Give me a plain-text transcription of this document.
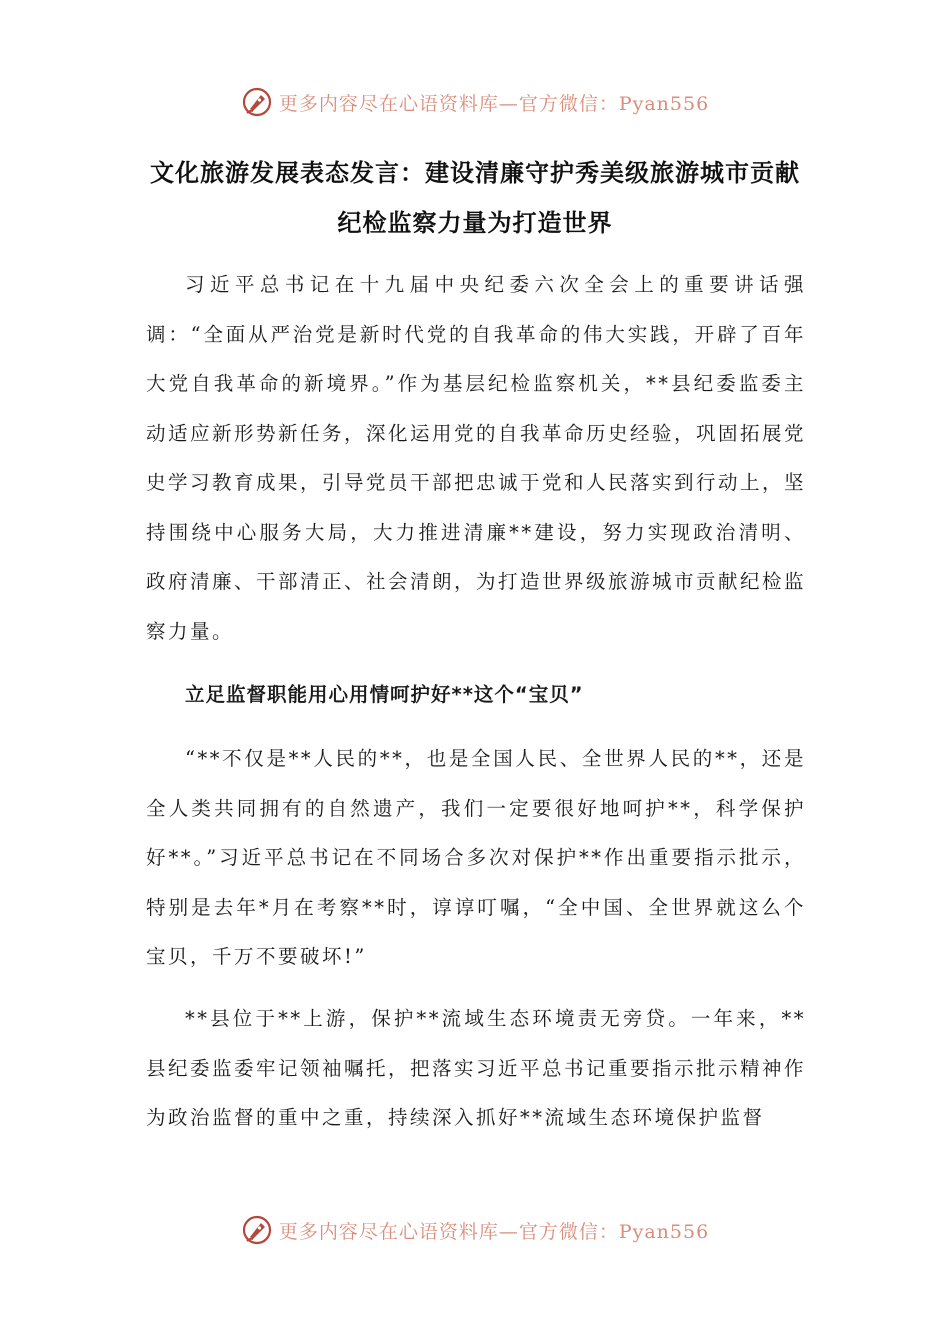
更多内容尽在心语资料库—官方微信：Pyan556
文化旅游发展表态发言：建设清廉守护秀美级旅游城市贡献纪检监察力量为打造世界
习近平总书记在十九届中央纪委六次全会上的重要讲话强调：“全面从严治党是新时代党的自我革命的伟大实践，开辟了百年大党自我革命的新境界。”作为基层纪检监察机关，**县纪委监委主动适应新形势新任务，深化运用党的自我革命历史经验，巩固拓展党史学习教育成果，引导党员干部把忠诚于党和人民落实到行动上，坚持围绕中心服务大局，大力推进清廉**建设，努力实现政治清明、政府清廉、干部清正、社会清朗，为打造世界级旅游城市贡献纪检监察力量。
立足监督职能用心用情呵护好**这个“宝贝”
“**不仅是**人民的**，也是全国人民、全世界人民的**，还是全人类共同拥有的自然遗产，我们一定要很好地呵护**，科学保护好**。”习近平总书记在不同场合多次对保护**作出重要指示批示，特别是去年*月在考察**时，谆谆叮嘱，“全中国、全世界就这么个宝贝，千万不要破坏!”
**县位于**上游，保护**流域生态环境责无旁贷。一年来，**县纪委监委牢记领袖嘱托，把落实习近平总书记重要指示批示精神作为政治监督的重中之重，持续深入抓好**流域生态环境保护监督
更多内容尽在心语资料库—官方微信：Pyan556
